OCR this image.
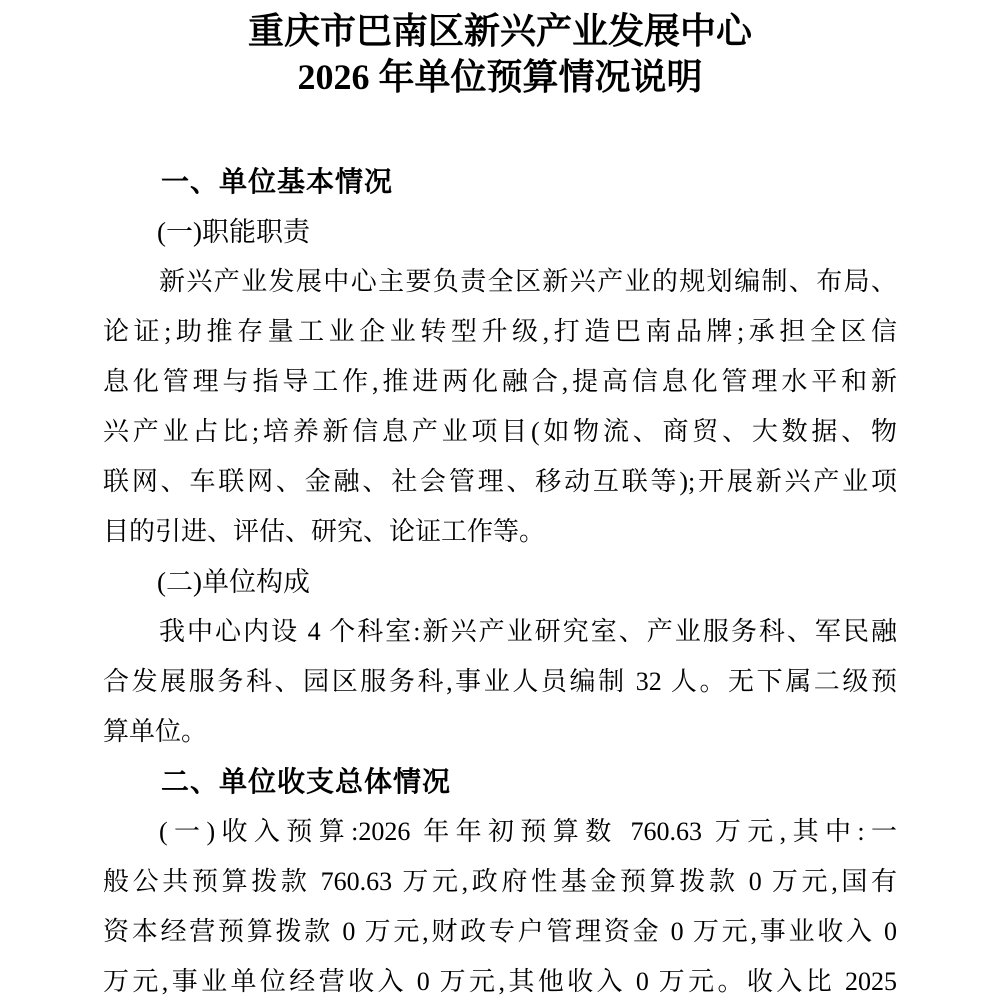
重庆市巴南区新兴产业发展中心
2026 年单位预算情况说明
一、单位基本情况
(一)职能职责
新兴产业发展中心主要负责全区新兴产业的规划编制、布局、
论证;助推存量工业企业转型升级,打造巴南品牌;承担全区信
息化管理与指导工作,推进两化融合,提高信息化管理水平和新
兴产业占比;培养新信息产业项目(如物流、商贸、大数据、物
联网、车联网、金融、社会管理、移动互联等);开展新兴产业项
目的引进、评估、研究、论证工作等。
(二)单位构成
我中心内设 4 个科室:新兴产业研究室、产业服务科、军民融
合发展服务科、园区服务科,事业人员编制 32 人。无下属二级预
算单位。
二、单位收支总体情况
(一)收入预算:2026 年年初预算数 760.63 万元,其中:一
般公共预算拨款 760.63 万元,政府性基金预算拨款 0 万元,国有
资本经营预算拨款 0 万元,财政专户管理资金 0 万元,事业收入 0
万元,事业单位经营收入 0 万元,其他收入 0 万元。收入比 2025
